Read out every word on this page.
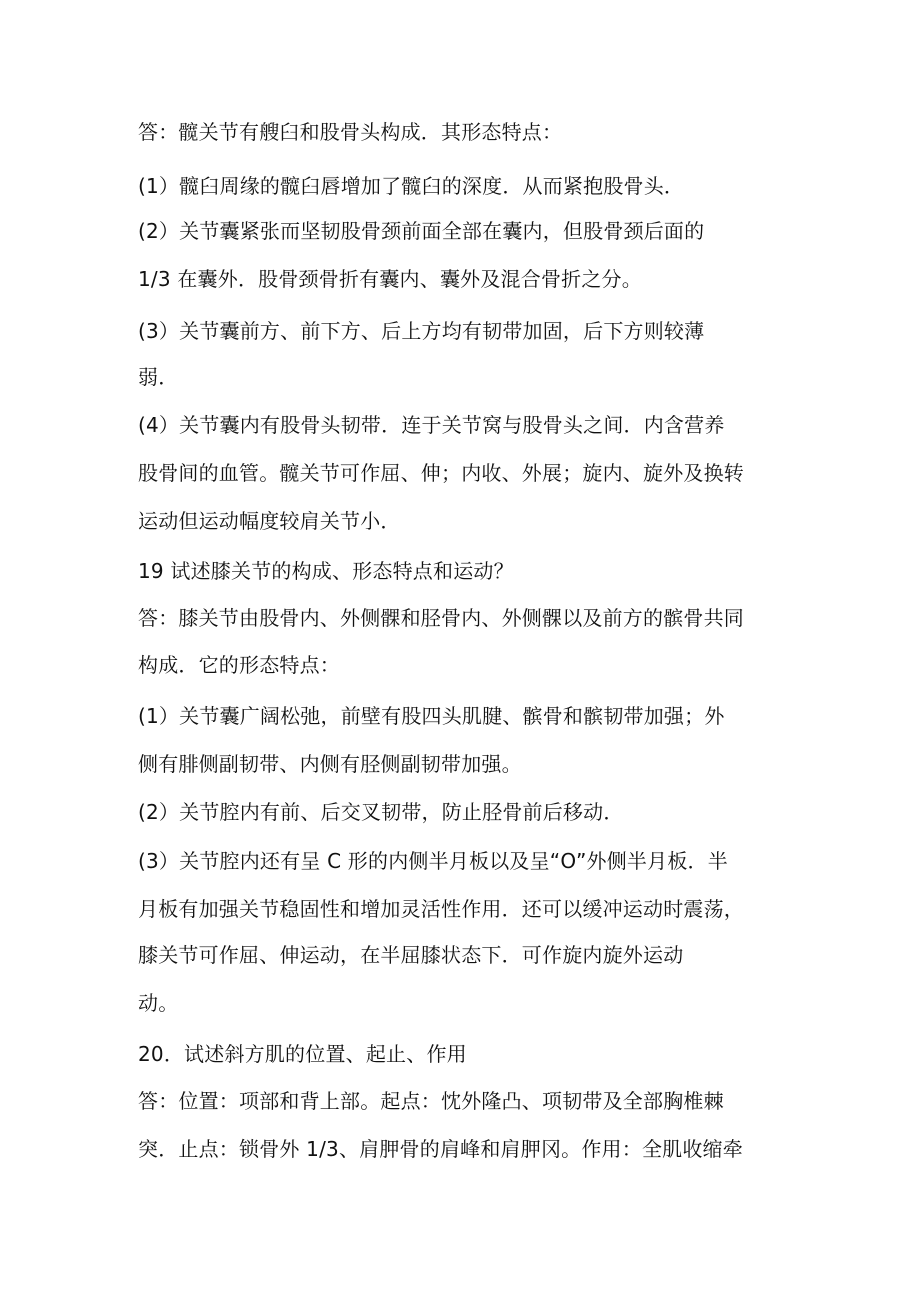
答：髋关节有艘臼和股骨头构成．其形态特点：
(1）髋臼周缘的髋臼唇增加了髋臼的深度．从而紧抱股骨头．
(2）关节囊紧张而坚韧股骨颈前面全部在囊内，但股骨颈后面的
1/3 在囊外．股骨颈骨折有囊内、囊外及混合骨折之分。
(3）关节囊前方、前下方、后上方均有韧带加固，后下方则较薄
弱．
(4）关节囊内有股骨头韧带．连于关节窝与股骨头之间．内含营养
股骨间的血管。髋关节可作屈、伸；内收、外展；旋内、旋外及换转
运动但运动幅度较肩关节小．
19 试述膝关节的构成、形态特点和运动？
答：膝关节由股骨内、外侧髁和胫骨内、外侧髁以及前方的髌骨共同
构成．它的形态特点：
(1）关节囊广阔松弛，前壁有股四头肌腱、髌骨和髌韧带加强；外
侧有腓侧副韧带、内侧有胫侧副韧带加强。
(2）关节腔内有前、后交叉韧带，防止胫骨前后移动．
(3）关节腔内还有呈 C 形的内侧半月板以及呈“O”外侧半月板．半
月板有加强关节稳固性和增加灵活性作用．还可以缓冲运动时震荡，
膝关节可作屈、伸运动，在半屈膝状态下．可作旋内旋外运动
动。
20．试述斜方肌的位置、起止、作用
答：位置：项部和背上部。起点：忱外隆凸、项韧带及全部胸椎棘
突．止点：锁骨外 1/3、肩胛骨的肩峰和肩胛冈。作用：全肌收缩牵
